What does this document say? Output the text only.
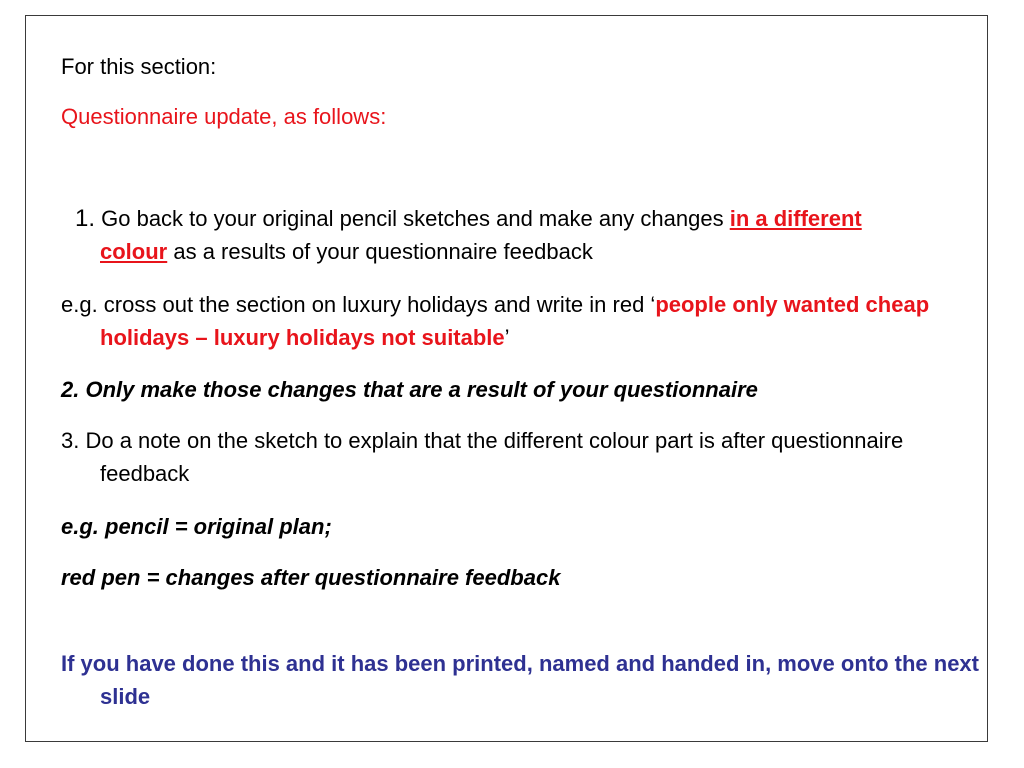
For this section:

Questionnaire update, as follows:

1. Go back to your original pencil sketches and make any changes in a different colour as a results of your questionnaire feedback

e.g. cross out the section on luxury holidays and write in red ‘people only wanted cheap holidays – luxury holidays not suitable’

2. Only make those changes that are a result of your questionnaire

3. Do a note on the sketch to explain that the different colour part is after questionnaire feedback

e.g. pencil = original plan;

red pen = changes after questionnaire feedback

If you have done this and it has been printed, named and handed in, move onto the next slide
